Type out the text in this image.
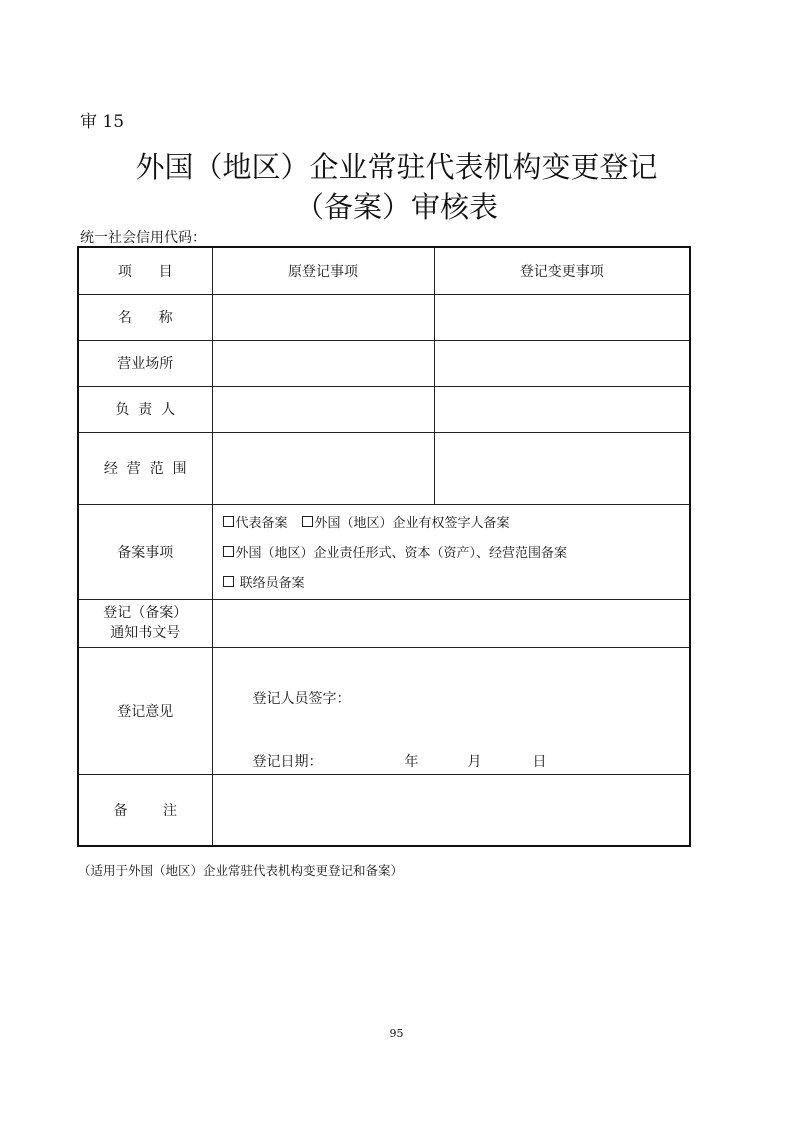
审 15
外国（地区）企业常驻代表机构变更登记
（备案）审核表
统一社会信用代码：
项      目	原登记事项	登记变更事项
名      称		
营业场所		
负  责  人		
经  营  范  围		
备案事项	代表备案 外国（地区）企业有权签字人备案
外国（地区）企业责任形式、资本（资产）、经营范围备案
联络员备案	

登记（备案）
通知书文号		

登记意见	登记人员签字：
登记日期： 年 月 日	

备        注		
（适用于外国（地区）企业常驻代表机构变更登记和备案）
95
